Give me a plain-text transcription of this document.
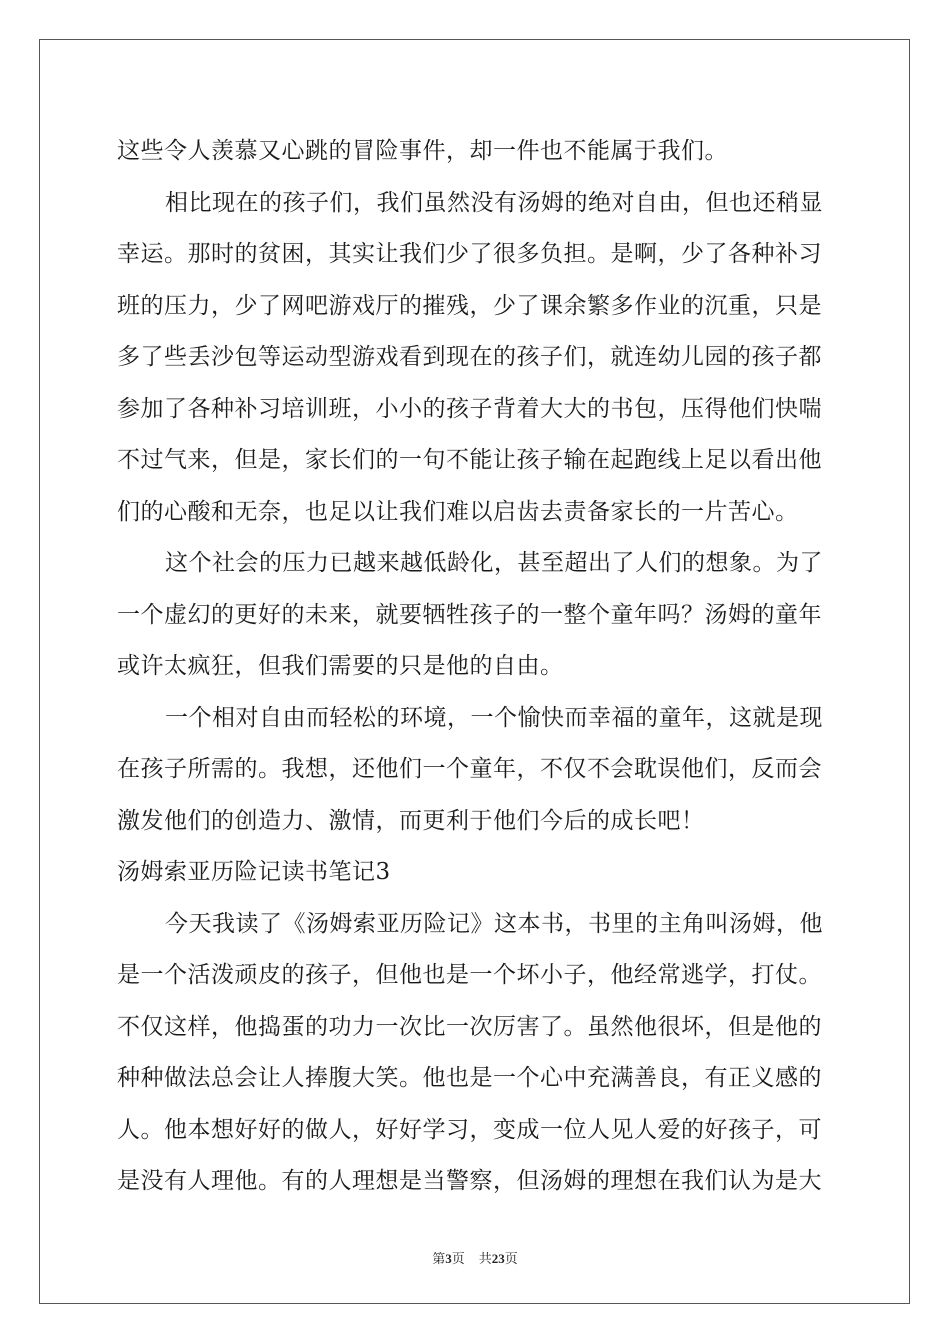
这些令人羡慕又心跳的冒险事件，却一件也不能属于我们。
相比现在的孩子们，我们虽然没有汤姆的绝对自由，但也还稍显
幸运。那时的贫困，其实让我们少了很多负担。是啊，少了各种补习
班的压力，少了网吧游戏厅的摧残，少了课余繁多作业的沉重，只是
多了些丢沙包等运动型游戏看到现在的孩子们，就连幼儿园的孩子都
参加了各种补习培训班，小小的孩子背着大大的书包，压得他们快喘
不过气来，但是，家长们的一句不能让孩子输在起跑线上足以看出他
们的心酸和无奈，也足以让我们难以启齿去责备家长的一片苦心。
这个社会的压力已越来越低龄化，甚至超出了人们的想象。为了
一个虚幻的更好的未来，就要牺牲孩子的一整个童年吗？汤姆的童年
或许太疯狂，但我们需要的只是他的自由。
一个相对自由而轻松的环境，一个愉快而幸福的童年，这就是现
在孩子所需的。我想，还他们一个童年，不仅不会耽误他们，反而会
激发他们的创造力、激情，而更利于他们今后的成长吧！
汤姆索亚历险记读书笔记3
今天我读了《汤姆索亚历险记》这本书，书里的主角叫汤姆，他
是一个活泼顽皮的孩子，但他也是一个坏小子，他经常逃学，打仗。
不仅这样，他捣蛋的功力一次比一次厉害了。虽然他很坏，但是他的
种种做法总会让人捧腹大笑。他也是一个心中充满善良，有正义感的
人。他本想好好的做人，好好学习，变成一位人见人爱的好孩子，可
是没有人理他。有的人理想是当警察，但汤姆的理想在我们认为是大
第3页 共23页
